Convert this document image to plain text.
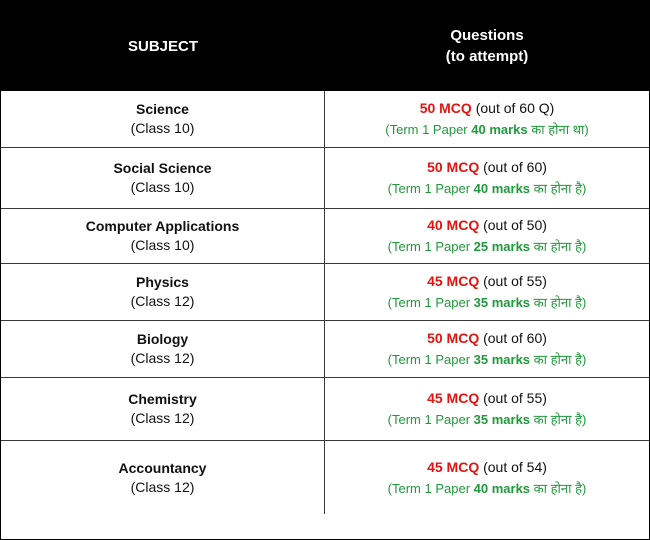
SUBJECT
Questions
(to attempt)
Science
(Class 10)
50 MCQ (out of 60 Q)
(Term 1 Paper 40 marks का होना था)
Social Science
(Class 10)
50 MCQ (out of 60)
(Term 1 Paper 40 marks का होना है)
Computer Applications
(Class 10)
40 MCQ (out of 50)
(Term 1 Paper 25 marks का होना है)
Physics
(Class 12)
45 MCQ (out of 55)
(Term 1 Paper 35 marks का होना है)
Biology
(Class 12)
50 MCQ (out of 60)
(Term 1 Paper 35 marks का होना है)
Chemistry
(Class 12)
45 MCQ (out of 55)
(Term 1 Paper 35 marks का होना है)
Accountancy
(Class 12)
45 MCQ (out of 54)
(Term 1 Paper 40 marks का होना है)
